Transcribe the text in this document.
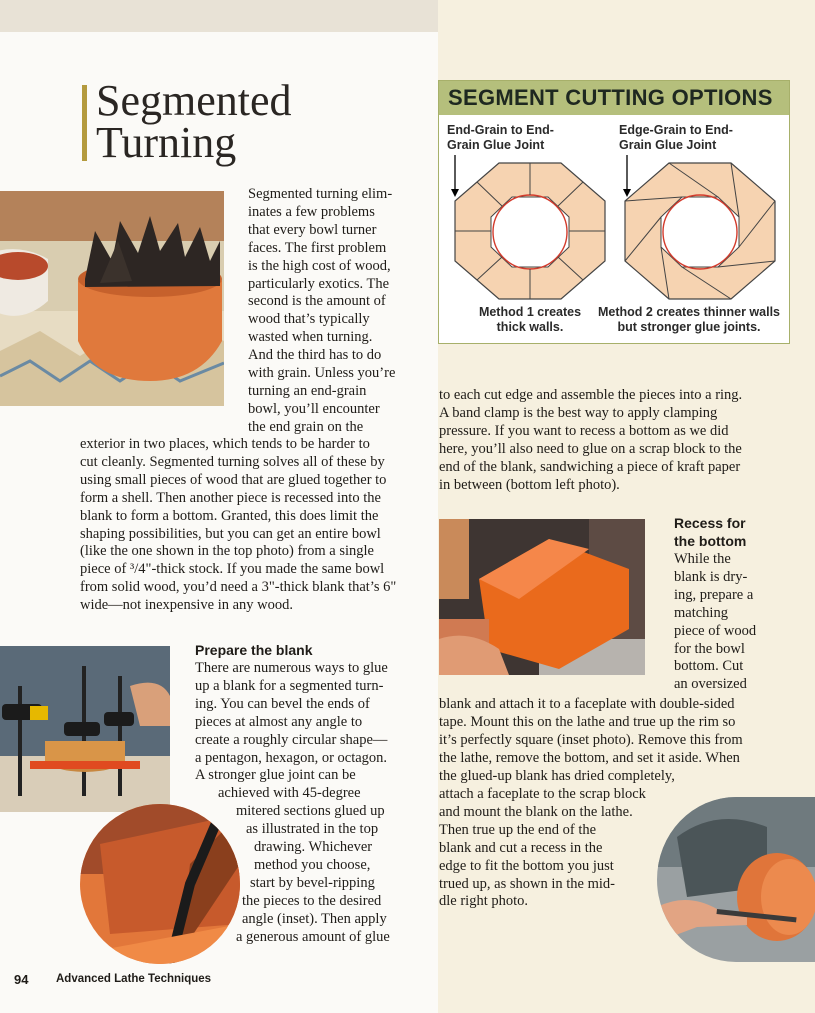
Segmented
Turning
Segmented turning elim-
inates a few problems
that every bowl turner
faces. The first problem
is the high cost of wood,
particularly exotics. The
second is the amount of
wood that’s typically
wasted when turning.
And the third has to do
with grain. Unless you’re
turning an end-grain
bowl, you’ll encounter
the end grain on the
exterior in two places, which tends to be harder to
cut cleanly. Segmented turning solves all of these by
using small pieces of wood that are glued together to
form a shell. Then another piece is recessed into the
blank to form a bottom. Granted, this does limit the
shaping possibilities, but you can get an entire bowl
(like the one shown in the top photo) from a single
piece of ³/4"-thick stock. If you made the same bowl
from solid wood, you’d need a 3"-thick blank that’s 6"
wide—not inexpensive in any wood.
Prepare the blank
There are numerous ways to glue
up a blank for a segmented turn-
ing. You can bevel the ends of
pieces at almost any angle to
create a roughly circular shape—
a pentagon, hexagon, or octagon.
A stronger glue joint can be
achieved with 45-degree
mitered sections glued up
as illustrated in the top
drawing. Whichever
method you choose,
start by bevel-ripping
the pieces to the desired
angle (inset). Then apply
a generous amount of glue
SEGMENT CUTTING OPTIONS
End-Grain to End-
Grain Glue Joint
Edge-Grain to End-
Grain Glue Joint
Method 1 creates
thick walls.
Method 2 creates thinner walls
but stronger glue joints.
to each cut edge and assemble the pieces into a ring.
A band clamp is the best way to apply clamping
pressure. If you want to recess a bottom as we did
here, you’ll also need to glue on a scrap block to the
end of the blank, sandwiching a piece of kraft paper
in between (bottom left photo).
Recess for
the bottom
While the
blank is dry-
ing, prepare a
matching
piece of wood
for the bowl
bottom. Cut
an oversized
blank and attach it to a faceplate with double-sided
tape. Mount this on the lathe and true up the rim so
it’s perfectly square (inset photo). Remove this from
the lathe, remove the bottom, and set it aside. When
the glued-up blank has dried completely,
attach a faceplate to the scrap block
and mount the blank on the lathe.
Then true up the end of the
blank and cut a recess in the
edge to fit the bottom you just
trued up, as shown in the mid-
dle right photo.
94 Advanced Lathe Techniques
